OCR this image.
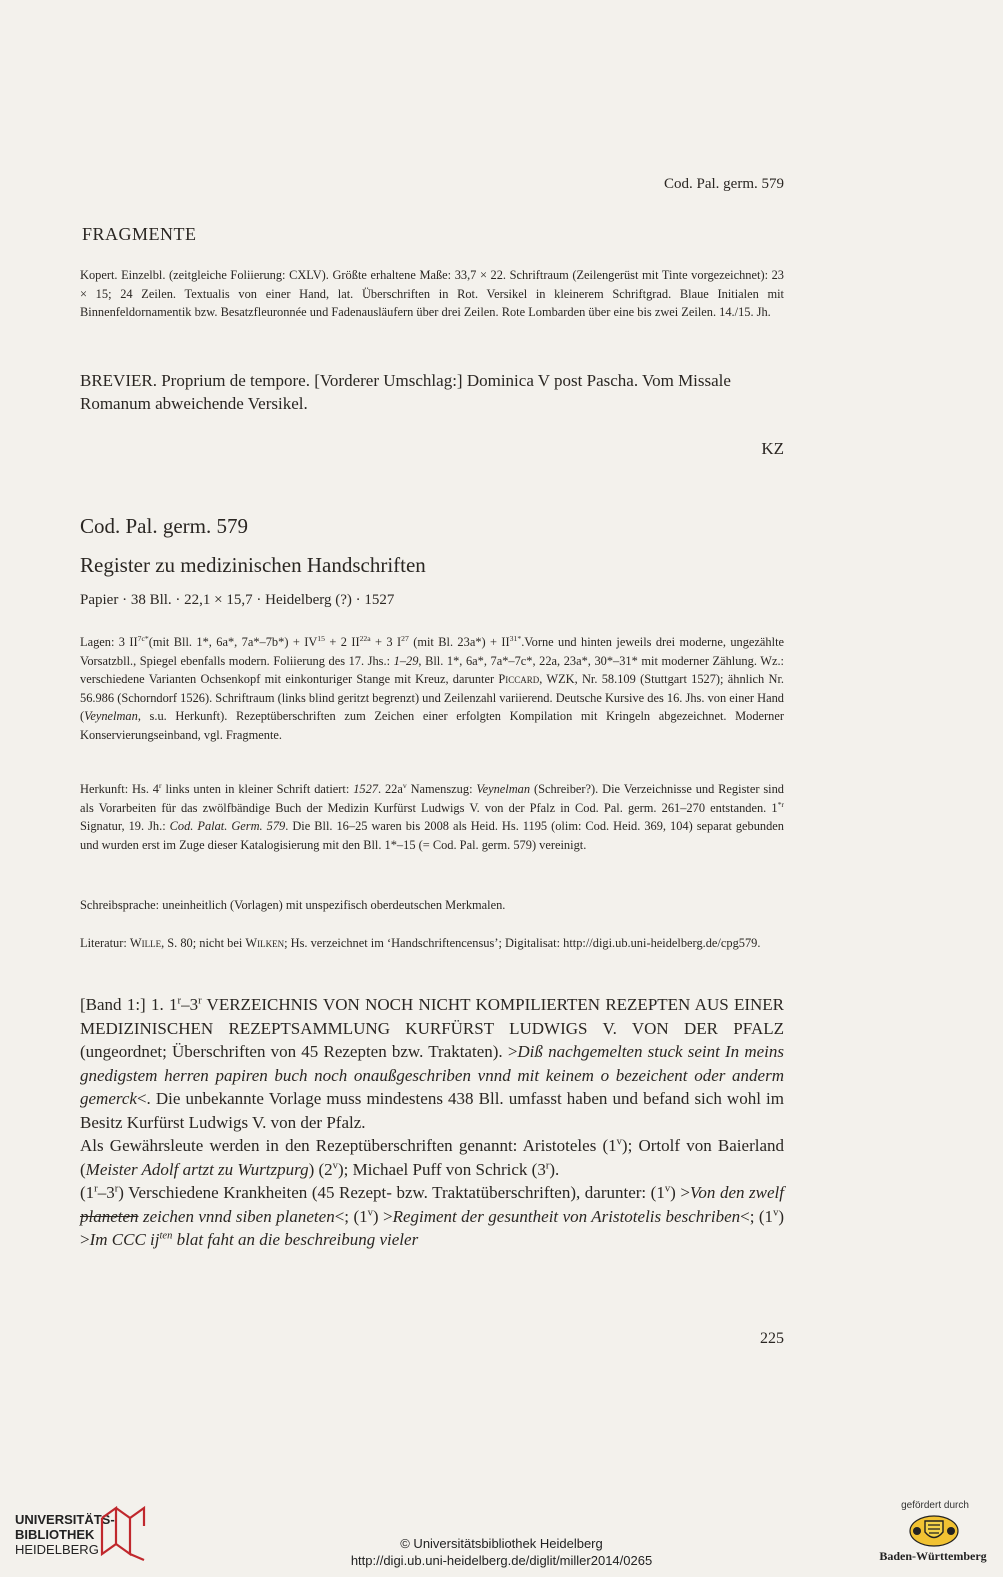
Cod. Pal. germ. 579
FRAGMENTE
Kopert. Einzelbl. (zeitgleiche Foliierung: CXLV). Größte erhaltene Maße: 33,7 × 22. Schriftraum (Zeilengerüst mit Tinte vorgezeichnet): 23 × 15; 24 Zeilen. Textualis von einer Hand, lat. Überschriften in Rot. Versikel in kleinerem Schriftgrad. Blaue Initialen mit Binnenfeldornamentik bzw. Besatzfleuronnée und Fadenausläufern über drei Zeilen. Rote Lombarden über eine bis zwei Zeilen. 14./15. Jh.
BREVIER. Proprium de tempore. [Vorderer Umschlag:] Dominica V post Pascha. Vom Missale Romanum abweichende Versikel.
KZ
Cod. Pal. germ. 579
Register zu medizinischen Handschriften
Papier · 38 Bll. · 22,1 × 15,7 · Heidelberg (?) · 1527
Lagen: 3 $II^{7c*}(mit$ Bll. 1*, 6a*, $7a*-7b*) + IV^{15} + 2$ $II^{22a} + 3$ $I^{27}$ (mit Bl. $23a*) + II^{31*}.Vorne$ und hinten jeweils drei moderne, ungezählte Vorsatzbll., Spiegel ebenfalls modern. Foliierung des 17. Jhs.: 1–29, Bll. 1*, 6a*, 7a*–7c*, 22a, 23a*, 30*–31* mit moderner Zählung. Wz.: verschiedene Varianten Ochsenkopf mit einkonturiger Stange mit Kreuz, darunter Piccard, WZK, Nr. 58.109 (Stuttgart 1527); ähnlich Nr. 56.986 (Schorndorf 1526). Schriftraum (links blind geritzt begrenzt) und Zeilenzahl variierend. Deutsche Kursive des 16. Jhs. von einer Hand (Veynelman, s.u. Herkunft). Rezeptüberschriften zum Zeichen einer erfolgten Kompilation mit Kringeln abgezeichnet. Moderner Konservierungseinband, vgl. Fragmente.
Herkunft: Hs. 4$^r$ links unten in kleiner Schrift datiert: 1527. $22a^v$ Namenszug: Veynelman (Schreiber?). Die Verzeichnisse und Register sind als Vorarbeiten für das zwölfbändige Buch der Medizin Kurfürst Ludwigs V. von der Pfalz in Cod. Pal. germ. 261–270 entstanden. 1$^{*r}$ Signatur, 19. Jh.: Cod. Palat. Germ. 579. Die Bll. 16–25 waren bis 2008 als Heid. Hs. 1195 (olim: Cod. Heid. 369, 104) separat gebunden und wurden erst im Zuge dieser Katalogisierung mit den Bll. 1*–15 (= Cod. Pal. germ. 579) vereinigt.
Schreibsprache: uneinheitlich (Vorlagen) mit unspezifisch oberdeutschen Merkmalen.
Literatur: Wille, S. 80; nicht bei Wilken; Hs. verzeichnet im ‘Handschriftencensus’; Digitalisat: http://digi.ub.uni-heidelberg.de/cpg579.

[Band 1:] 1. 1$^r$–3$^r$ VERZEICHNIS VON NOCH NICHT KOMPILIERTEN REZEPTEN AUS EINER MEDIZINISCHEN REZEPTSAMMLUNG KURFÜRST LUDWIGS V. VON DER PFALZ (ungeordnet; Überschriften von 45 Rezepten bzw. Traktaten). >Diß nachgemelten stuck seint In meins gnedigstem herren papiren buch noch onaußgeschriben vnnd mit keinem o bezeichent oder anderm gemerck<. Die unbekannte Vorlage muss mindestens 438 Bll. umfasst haben und befand sich wohl im Besitz Kurfürst Ludwigs V. von der Pfalz.

Als Gewährsleute werden in den Rezeptüberschriften genannt: Aristoteles (1$^v$); Ortolf von Baierland (Meister Adolf artzt zu Wurtzpurg) (2$^v$); Michael Puff von Schrick (3$^r$).

(1$^r$–3$^r$) Verschiedene Krankheiten (45 Rezept- bzw. Traktatüberschriften), darunter: $(1^v) >Von$ den zwelf planeten zeichen vnnd siben planeten<; $(1^v)$ >Regiment der gesuntheit von Aristotelis beschriben<; $(1^v) >Im$ CCC $ij^{ten}$ blat faht an die beschreibung vieler

225
UNIVERSITÄTS-
BIBLIOTHEK
HEIDELBERG	© Universitätsbibliothek Heidelberg
http://digi.ub.uni-heidelberg.de/diglit/miller2014/0265
gefördert durch
Baden-Württemberg
